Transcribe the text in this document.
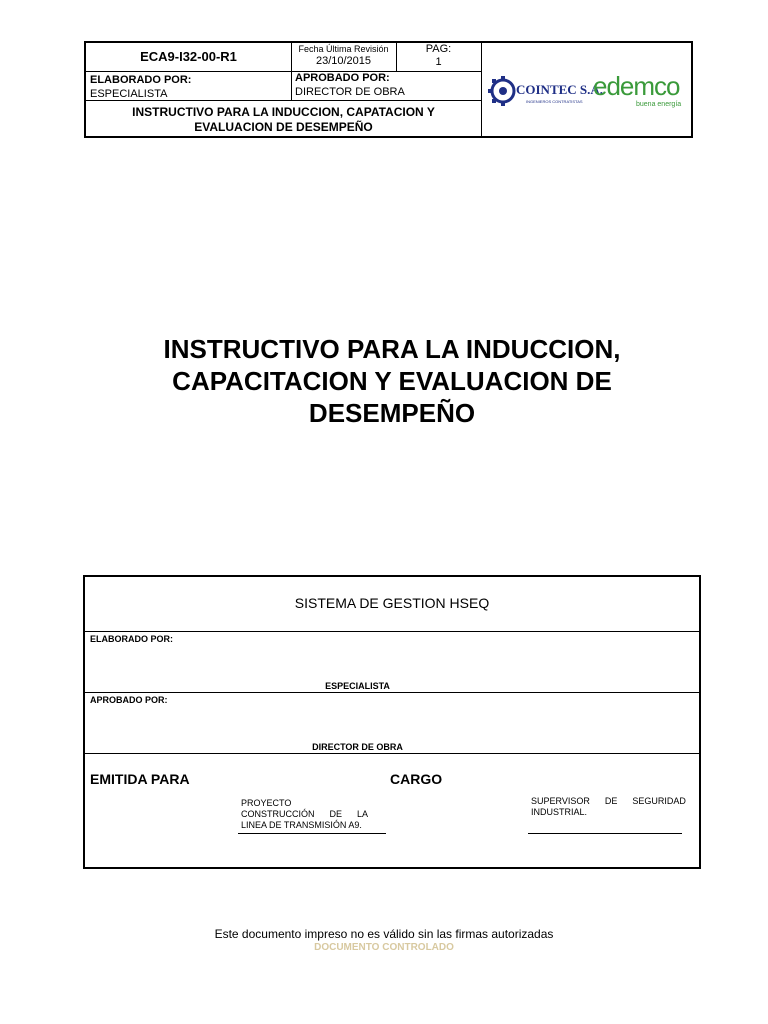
ECA9-I32-00-R1	Fecha Última Revisión
23/10/2015
PAG:
1
ELABORADO POR:
ESPECIALISTA
APROBADO POR:
DIRECTOR DE OBRA
INSTRUCTIVO PARA LA INDUCCION, CAPATACION Y
EVALUACION DE DESEMPEÑO
COINTEC S.A.
INGENIEROS CONTRATISTAS
edemco
buena energía
INSTRUCTIVO PARA LA INDUCCION,
CAPACITACION Y EVALUACION DE
DESEMPEÑO
SISTEMA DE GESTION HSEQ
ELABORADO POR:
ESPECIALISTA
APROBADO POR:
DIRECTOR DE OBRA
EMITIDA PARA	CARGO
PROYECTO
CONSTRUCCIÓN      DE      LA
LINEA DE TRANSMISIÓN A9.
SUPERVISOR      DE      SEGURIDAD
INDUSTRIAL.
Este documento impreso no es válido sin las firmas autorizadas
DOCUMENTO CONTROLADO
